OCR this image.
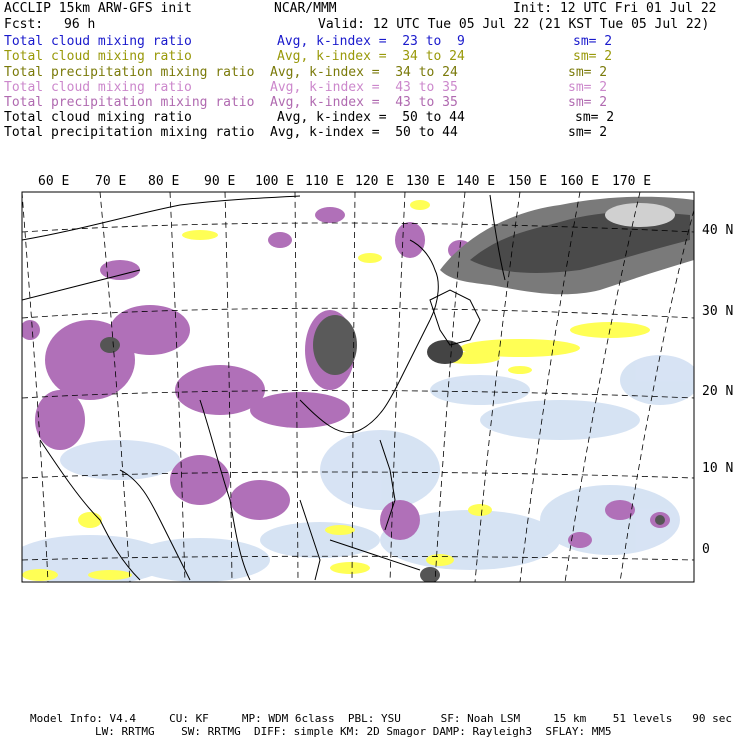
ACCLIP 15km ARW-GFS init	NCAR/MMM	Init: 12 UTC Fri 01 Jul 22
Fcst: 96 h	Valid: 12 UTC Tue 05 Jul 22 (21 KST Tue 05 Jul 22)
Total cloud mixing ratio	Avg, k-index =  23 to  9	sm= 2
Total cloud mixing ratio	Avg, k-index =  34 to 24	sm= 2
Total precipitation mixing ratio Avg, k-index =  34 to 24	sm= 2
Total cloud mixing ratio	Avg, k-index =  43 to 35	sm= 2
Total precipitation mixing ratio Avg, k-index =  43 to 35	sm= 2
Total cloud mixing ratio	Avg, k-index =  50 to 44	sm= 2
Total precipitation mixing ratio Avg, k-index =  50 to 44	sm= 2
60 E 70 E 80 E 90 E 100 E 110 E 120 E 130 E 140 E 150 E 160 E 170 E
40 N
30 N
20 N
10 N
0
Model Info: V4.4     CU: KF     MP: WDM 6class  PBL: YSU      SF: Noah LSM     15 km    51 levels   90 sec
LW: RRTMG    SW: RRTMG  DIFF: simple KM: 2D Smagor DAMP: Rayleigh3  SFLAY: MM5
